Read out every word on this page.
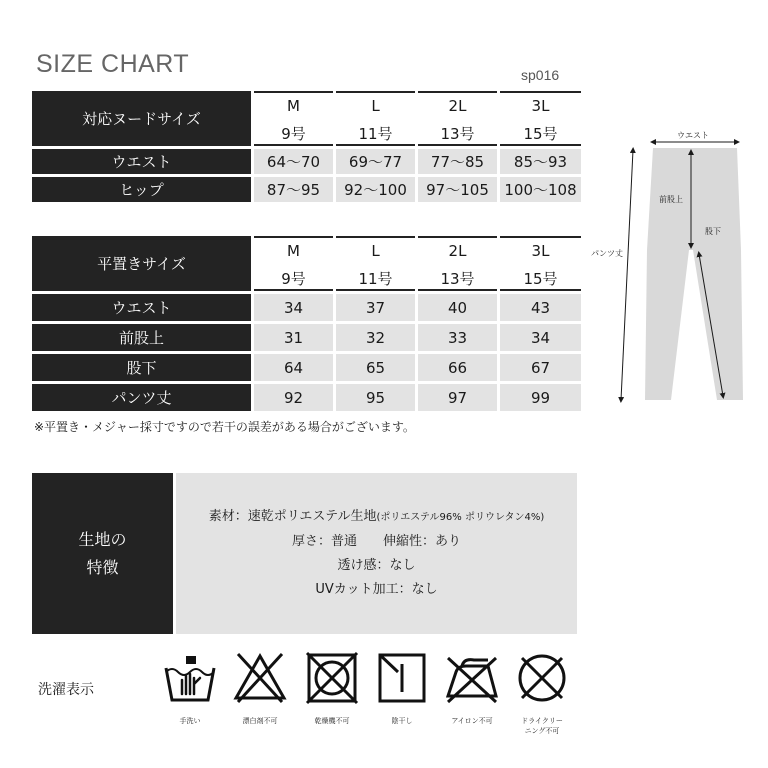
SIZE CHART	sp016
対応ヌードサイズ
M	L	2L	3L
9号	11号	13号	15号
ウエスト	64～70	69～77	77～85	85～93
ヒップ	87～95	92～100	97～105	100～108
平置きサイズ
M	L	2L	3L
9号	11号	13号	15号
ウエスト	34	37	40	43
前股上	31	32	33	34
股下	64	65	66	67
パンツ丈	92	95	97	99
※平置き・メジャー採寸ですので若干の誤差がある場合がございます。
ウエスト
前股上
股下
パンツ丈
生地の
特徴
素材：速乾ポリエステル生地(ポリエステル96% ポリウレタン4%)
厚さ：普通　　伸縮性：あり
透け感：なし
UVカット加工：なし
洗濯表示
手洗い	漂白剤不可	乾燥機不可	陰干し	アイロン不可	ドライクリー
ニング不可
